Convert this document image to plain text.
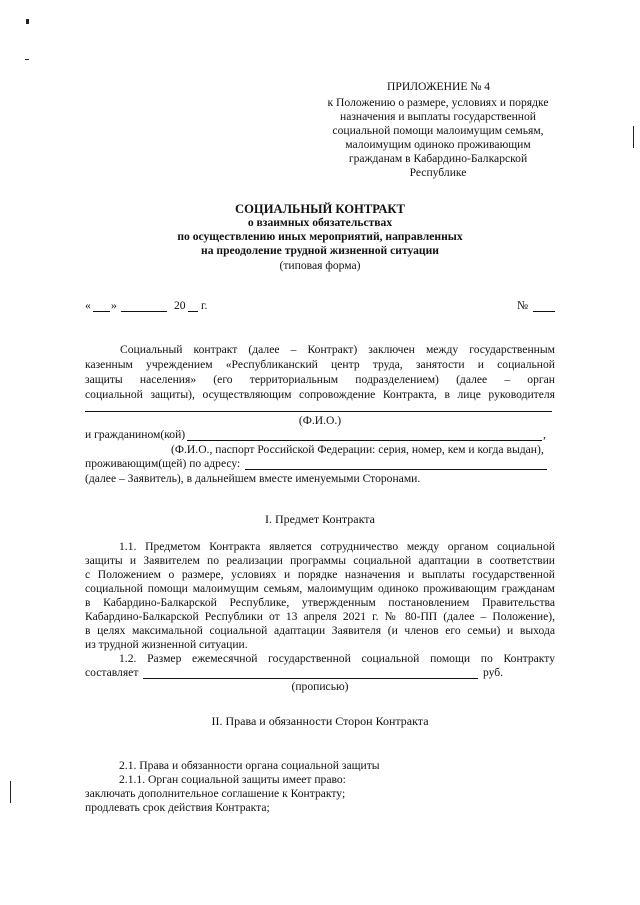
ПРИЛОЖЕНИЕ № 4
к Положению о размере, условиях и порядке
назначения и выплаты государственной
социальной помощи малоимущим семьям,
малоимущим одиноко проживающим
гражданам в Кабардино-Балкарской
Республике
СОЦИАЛЬНЫЙ КОНТРАКТ
о взаимных обязательствах
по осуществлению иных мероприятий, направленных
на преодоление трудной жизненной ситуации
(типовая форма)
« »	20 г.	№
Социальный контракт (далее – Контракт) заключен между государственным
казенным учреждением «Республиканский центр труда, занятости и социальной
защиты населения» (его территориальным подразделением) (далее – орган
социальной защиты), осуществляющим сопровождение Контракта, в лице руководителя
(Ф.И.О.)
и гражданином(кой)	,
(Ф.И.О., паспорт Российской Федерации: серия, номер, кем и когда выдан),
проживающим(щей) по адресу:
(далее – Заявитель), в дальнейшем вместе именуемыми Сторонами.
I. Предмет Контракта
1.1. Предметом Контракта является сотрудничество между органом социальной
защиты и Заявителем по реализации программы социальной адаптации в соответствии
с Положением о размере, условиях и порядке назначения и выплаты государственной
социальной помощи малоимущим семьям, малоимущим одиноко проживающим гражданам
в Кабардино-Балкарской Республике, утвержденным постановлением Правительства
Кабардино-Балкарской Республики от 13 апреля 2021 г. № 80-ПП (далее – Положение),
в целях максимальной социальной адаптации Заявителя (и членов его семьи) и выхода
из трудной жизненной ситуации.
1.2. Размер ежемесячной государственной социальной помощи по Контракту
составляет	руб.
(прописью)
II. Права и обязанности Сторон Контракта
2.1. Права и обязанности органа социальной защиты
2.1.1. Орган социальной защиты имеет право:
заключать дополнительное соглашение к Контракту;
продлевать срок действия Контракта;
